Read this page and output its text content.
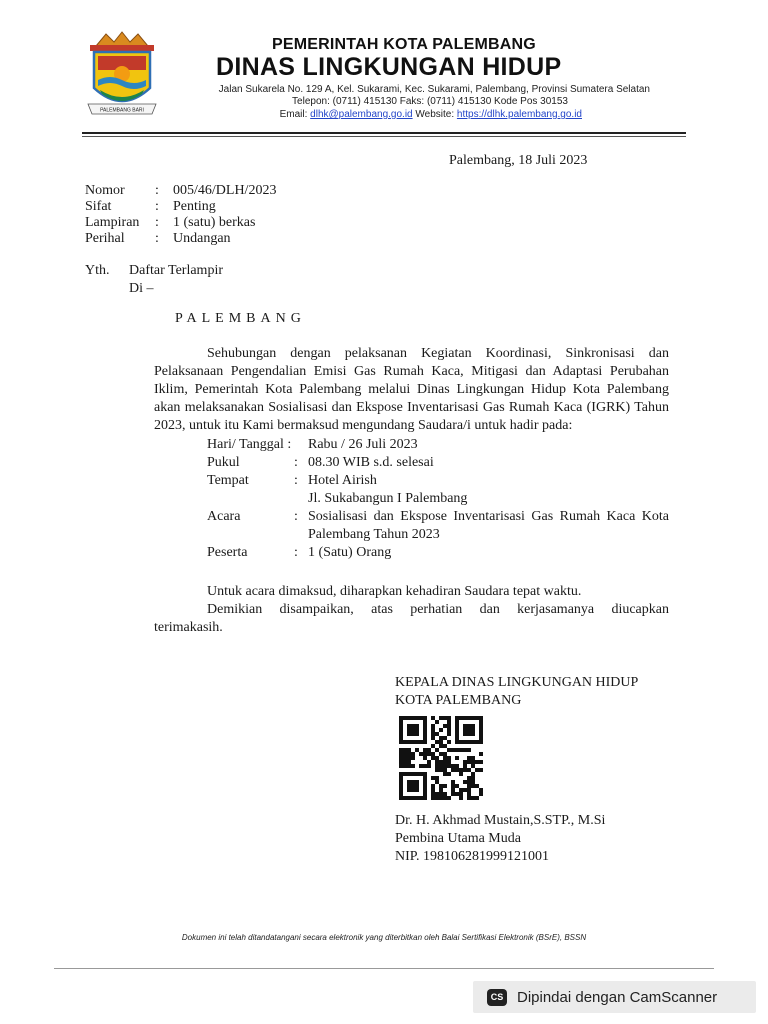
PALEMBANG BARI
PEMERINTAH KOTA PALEMBANG
DINAS LINGKUNGAN HIDUP
Jalan Sukarela No. 129 A, Kel. Sukarami, Kec. Sukarami, Palembang, Provinsi Sumatera Selatan
Telepon: (0711) 415130 Faks: (0711) 415130 Kode Pos 30153
Email: dlhk@palembang.go.id Website: https://dlhk.palembang.go.id
Palembang, 18 Juli 2023
Nomor	:	005/46/DLH/2023
Sifat	:	Penting
Lampiran	:	1 (satu) berkas
Perihal	:	Undangan
Yth.	Daftar Terlampir
Di –
PALEMBANG

Sehubungan dengan pelaksanan Kegiatan Koordinasi, Sinkronisasi dan Pelaksanaan Pengendalian Emisi Gas Rumah Kaca, Mitigasi dan Adaptasi Perubahan Iklim, Pemerintah Kota Palembang melalui Dinas Lingkungan Hidup Kota Palembang akan melaksanakan Sosialisasi dan Ekspose Inventarisasi Gas Rumah Kaca (IGRK) Tahun 2023, untuk itu Kami bermaksud mengundang Saudara/i untuk hadir pada:

Hari/ Tanggal :	Rabu / 26 Juli 2023
Pukul	: 08.30 WIB s.d. selesai
Tempat	: Hotel Airish
Jl. Sukabangun I Palembang
Acara	: Sosialisasi dan Ekspose Inventarisasi Gas Rumah Kaca Kota Palembang Tahun 2023
Peserta	: 1 (Satu) Orang

Untuk acara dimaksud, diharapkan kehadiran Saudara tepat waktu.

Demikian disampaikan, atas perhatian dan kerjasamanya diucapkan

terimakasih.

KEPALA DINAS LINGKUNGAN HIDUP
KOTA PALEMBANG
Dr. H. Akhmad Mustain,S.STP., M.Si
Pembina Utama Muda
NIP. 198106281999121001
Dokumen ini telah ditandatangani secara elektronik yang diterbitkan oleh Balai Sertifikasi Elektronik (BSrE), BSSN
CS Dipindai dengan CamScanner
